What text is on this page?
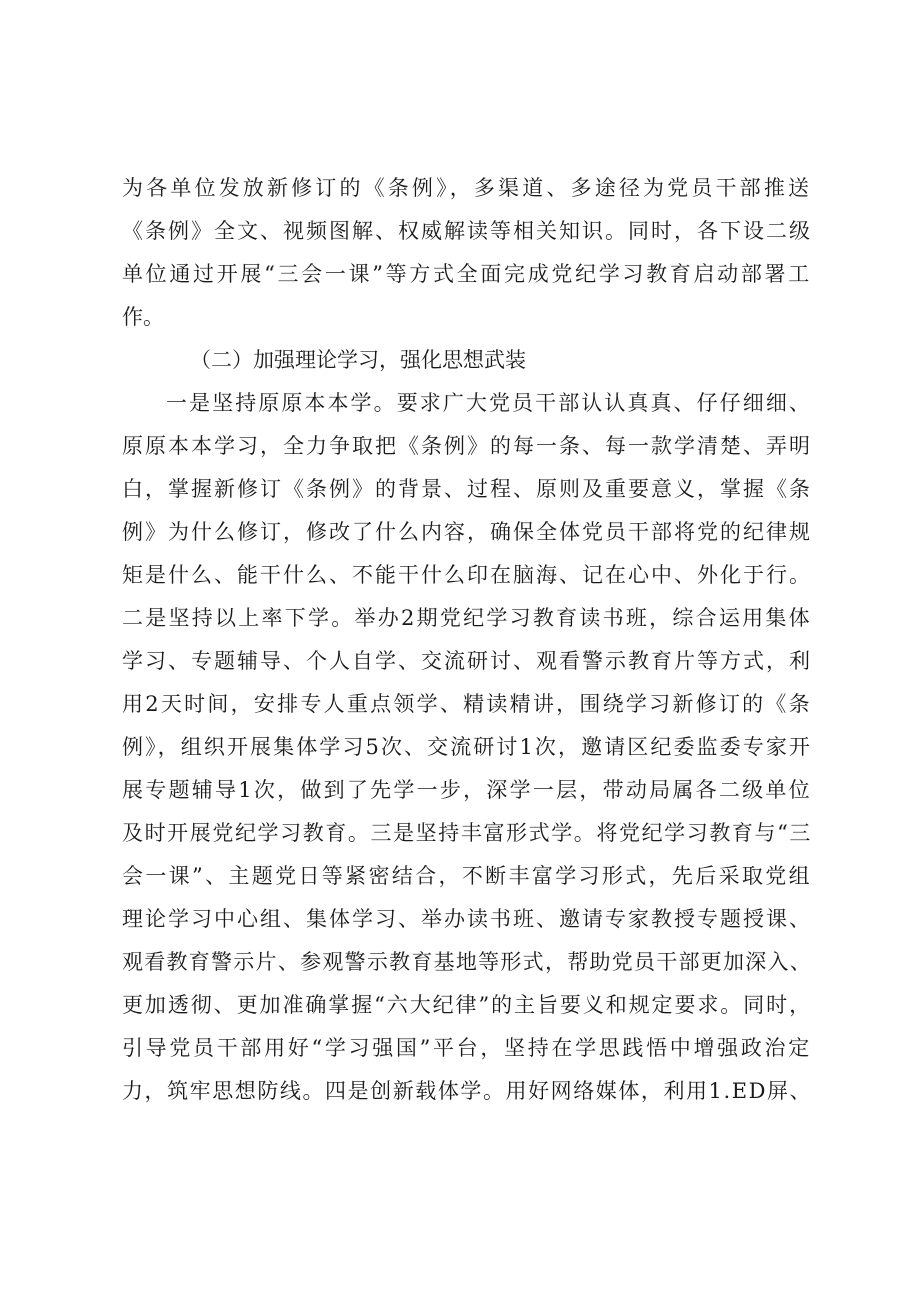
为各单位发放新修订的《条例》，多渠道、多途径为党员干部推送
《条例》全文、视频图解、权威解读等相关知识。同时，各下设二级
单位通过开展“三会一课”等方式全面完成党纪学习教育启动部署工
作。
（二）加强理论学习，强化思想武装
一是坚持原原本本学。要求广大党员干部认认真真、仔仔细细、
原原本本学习，全力争取把《条例》的每一条、每一款学清楚、弄明
白，掌握新修订《条例》的背景、过程、原则及重要意义，掌握《条
例》为什么修订，修改了什么内容，确保全体党员干部将党的纪律规
矩是什么、能干什么、不能干什么印在脑海、记在心中、外化于行。
二是坚持以上率下学。举办2期党纪学习教育读书班，综合运用集体
学习、专题辅导、个人自学、交流研讨、观看警示教育片等方式，利
用2天时间，安排专人重点领学、精读精讲，围绕学习新修订的《条
例》，组织开展集体学习5次、交流研讨1次，邀请区纪委监委专家开
展专题辅导1次，做到了先学一步，深学一层，带动局属各二级单位
及时开展党纪学习教育。三是坚持丰富形式学。将党纪学习教育与“三
会一课”、主题党日等紧密结合，不断丰富学习形式，先后采取党组
理论学习中心组、集体学习、举办读书班、邀请专家教授专题授课、
观看教育警示片、参观警示教育基地等形式，帮助党员干部更加深入、
更加透彻、更加准确掌握“六大纪律”的主旨要义和规定要求。同时，
引导党员干部用好“学习强国”平台，坚持在学思践悟中增强政治定
力，筑牢思想防线。四是创新载体学。用好网络媒体，利用1.ED屏、
